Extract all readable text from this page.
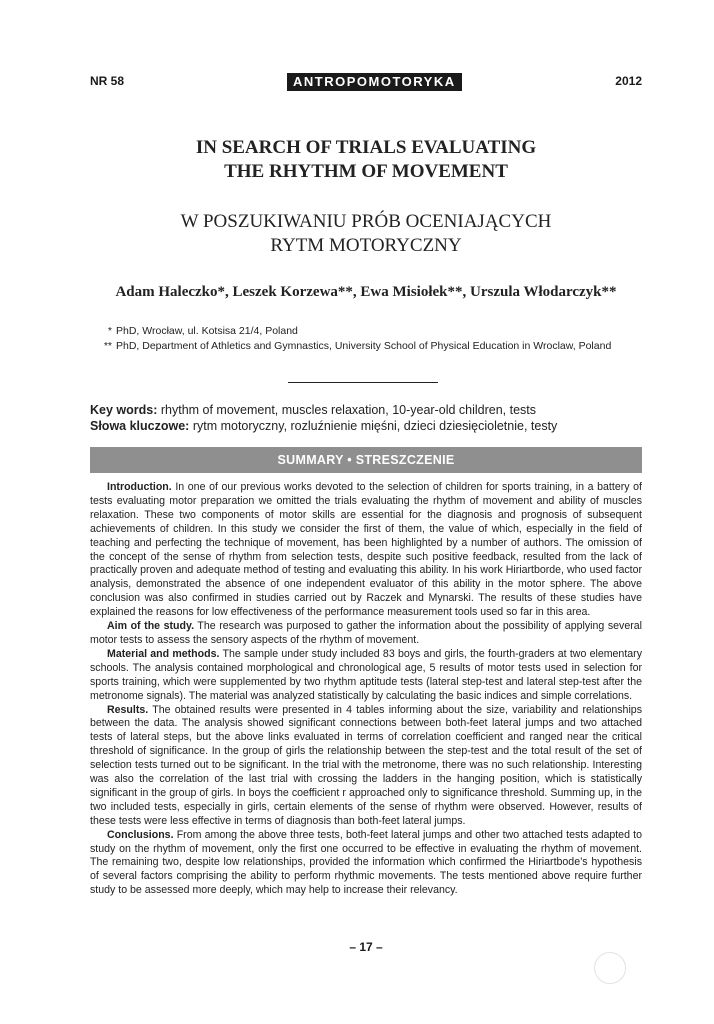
NR 58	ANTROPOMOTORYKA	2012
IN SEARCH OF TRIALS EVALUATING
THE RHYTHM OF MOVEMENT
W POSZUKIWANIU PRÓB OCENIAJĄCYCH
RYTM MOTORYCZNY
Adam Haleczko*, Leszek Korzewa**, Ewa Misiołek**, Urszula Włodarczyk**
* PhD, Wrocław, ul. Kotsisa 21/4, Poland
** PhD, Department of Athletics and Gymnastics, University School of Physical Education in Wroclaw, Poland
Key words: rhythm of movement, muscles relaxation, 10-year-old children, tests
Słowa kluczowe: rytm motoryczny, rozluźnienie mięśni, dzieci dziesięcioletnie, testy
SUMMARY • STRESZCZENIE

Introduction. In one of our previous works devoted to the selection of children for sports training, in a battery of tests evaluating motor preparation we omitted the trials evaluating the rhythm of movement and ability of muscles relaxation. These two components of motor skills are essential for the diagnosis and prognosis of subsequent achievements of children. In this study we consider the first of them, the value of which, especially in the field of teaching and perfecting the technique of movement, has been highlighted by a number of authors. The omission of the concept of the sense of rhythm from selection tests, despite such positive feedback, resulted from the lack of practically proven and adequate method of testing and evaluating this ability. In his work Hiriartborde, who used factor analysis, demonstrated the absence of one independent evaluator of this ability in the motor sphere. The above conclusion was also confirmed in studies carried out by Raczek and Mynarski. The results of these studies have explained the reasons for low effectiveness of the performance measurement tools used so far in this area.

Aim of the study. The research was purposed to gather the information about the possibility of applying several motor tests to assess the sensory aspects of the rhythm of movement.

Material and methods. The sample under study included 83 boys and girls, the fourth-graders at two elementary schools. The analysis contained morphological and chronological age, 5 results of motor tests used in selection for sports training, which were supplemented by two rhythm aptitude tests (lateral step-test and lateral step-test after the metronome signals). The material was analyzed statistically by calculating the basic indices and simple correlations.

Results. The obtained results were presented in 4 tables informing about the size, variability and relationships between the data. The analysis showed significant connections between both-feet lateral jumps and two attached tests of lateral steps, but the above links evaluated in terms of correlation coefficient and ranged near the critical threshold of significance. In the group of girls the relationship between the step-test and the total result of the set of selection tests turned out to be significant. In the trial with the metronome, there was no such relationship. Interesting was also the correlation of the last trial with crossing the ladders in the hanging position, which is statistically significant in the group of girls. In boys the coefficient r approached only to significance threshold. Summing up, in the two included tests, especially in girls, certain elements of the sense of rhythm were observed. However, results of these tests were less effective in terms of diagnosis than both-feet lateral jumps.

Conclusions. From among the above three tests, both-feet lateral jumps and other two attached tests adapted to study on the rhythm of movement, only the first one occurred to be effective in evaluating the rhythm of movement. The remaining two, despite low relationships, provided the information which confirmed the Hiriartbode’s hypothesis of several factors comprising the ability to perform rhythmic movements. The tests mentioned above require further study to be assessed more deeply, which may help to increase their relevancy.

– 17 –
